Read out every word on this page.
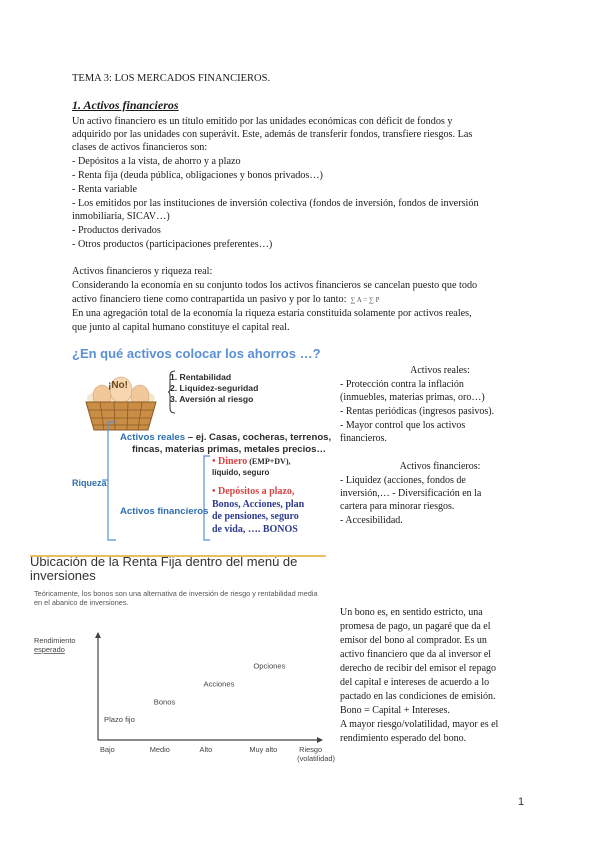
TEMA 3: LOS MERCADOS FINANCIEROS.
1. Activos financieros
Un activo financiero es un título emitido por las unidades económicas con déficit de fondos y
adquirido por las unidades con superávit. Este, además de transferir fondos, transfiere riesgos. Las
clases de activos financieros son:
- Depósitos a la vista, de ahorro y a plazo
- Renta fija (deuda pública, obligaciones y bonos privados…)
- Renta variable
- Los emitidos por las instituciones de inversión colectiva (fondos de inversión, fondos de inversión
inmobiliaria, SICAV…)
- Productos derivados
- Otros productos (participaciones preferentes…)
Activos financieros y riqueza real:
Considerando la economía en su conjunto todos los activos financieros se cancelan puesto que todo
activo financiero tiene como contrapartida un pasivo y por lo tanto: ∑ A = ∑ P
En una agregación total de la economía la riqueza estaría constituida solamente por activos reales,
que junto al capital humano constituye el capital real.
¿En qué activos colocar los ahorros …?
¡No!
1. Rentabilidad
2. Liquidez-seguridad
3. Aversión al riesgo
Riqueza
Activos reales – ej. Casas, cocheras, terrenos,
fincas, materias primas, metales precios…
Activos financieros
• Dinero (EMP+DV),
líquido, seguro
• Depósitos a plazo,
Bonos, Acciones, plan
de pensiones, seguro
de vida, …. BONOS
Activos reales:
- Protección contra la inflación
(inmuebles, materias primas, oro…)
- Rentas periódicas (ingresos pasivos).
- Mayor control que los activos
financieros.
Activos financieros:
- Liquidez (acciones, fondos de
inversión,… - Diversificación en la
cartera para minorar riesgos.
- Accesibilidad.
Un bono es, en sentido estricto, una
promesa de pago, un pagaré que da el
emisor del bono al comprador. Es un
activo financiero que da al inversor el
derecho de recibir del emisor el repago
del capital e intereses de acuerdo a lo
pactado en las condiciones de emisión.
Bono = Capital + Intereses.
A mayor riesgo/volatilidad, mayor es el
rendimiento esperado del bono.
Ubicación de la Renta Fija dentro del menú de inversiones
Teóricamente, los bonos son una alternativa de inversión de riesgo y rentabilidad media en el abanico de inversiones.
Rendimiento
esperado
Bajo	Medio	Alto	Muy alto	Riesgo
(volatilidad)
Plazo fijo
Bonos
Acciones
Opciones
1
